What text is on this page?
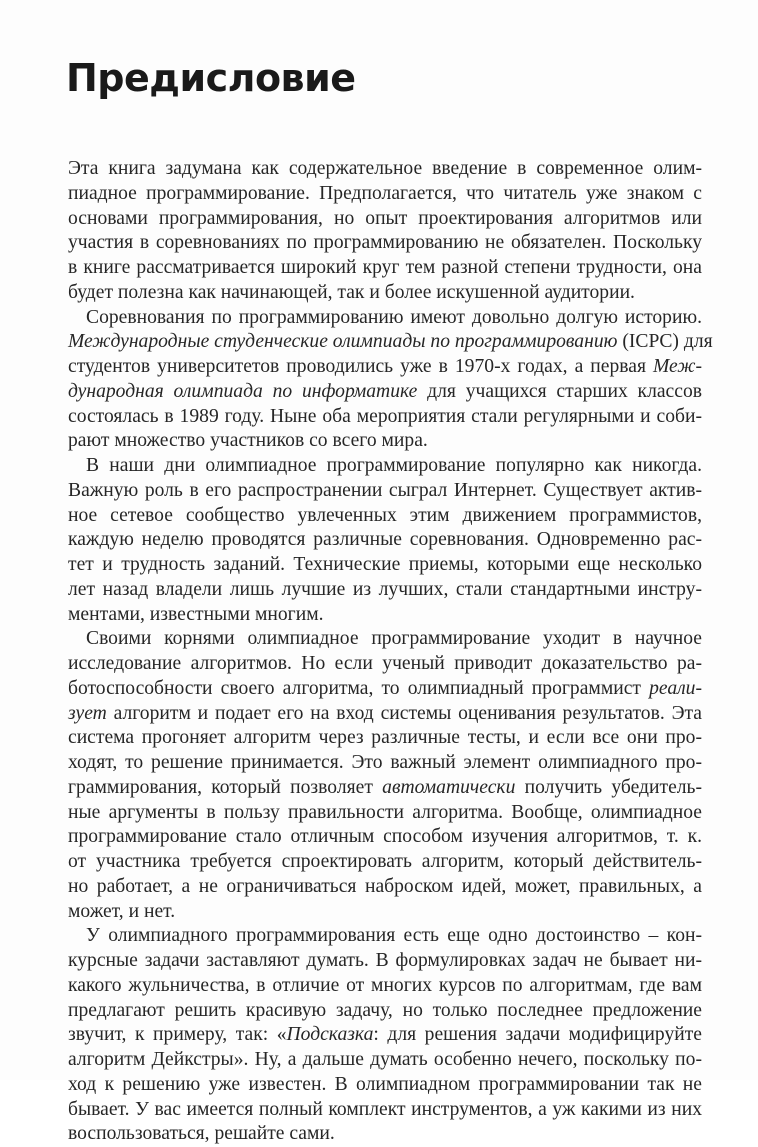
Предисловие
Эта книга задумана как содержательное введение в современное олим-
пиадное программирование. Предполагается, что читатель уже знаком с
основами программирования, но опыт проектирования алгоритмов или
участия в соревнованиях по программированию не обязателен. Поскольку
в книге рассматривается широкий круг тем разной степени трудности, она
будет полезна как начинающей, так и более искушенной аудитории.
Соревнования по программированию имеют довольно долгую историю.
Международные студенческие олимпиады по программированию (ICPC) для
студентов университетов проводились уже в 1970-х годах, а первая Меж-
дународная олимпиада по информатике для учащихся старших классов
состоялась в 1989 году. Ныне оба мероприятия стали регулярными и соби-
рают множество участников со всего мира.
В наши дни олимпиадное программирование популярно как никогда.
Важную роль в его распространении сыграл Интернет. Существует актив-
ное сетевое сообщество увлеченных этим движением программистов,
каждую неделю проводятся различные соревнования. Одновременно рас-
тет и трудность заданий. Технические приемы, которыми еще несколько
лет назад владели лишь лучшие из лучших, стали стандартными инстру-
ментами, известными многим.
Своими корнями олимпиадное программирование уходит в научное
исследование алгоритмов. Но если ученый приводит доказательство ра-
ботоспособности своего алгоритма, то олимпиадный программист реали-
зует алгоритм и подает его на вход системы оценивания результатов. Эта
система прогоняет алгоритм через различные тесты, и если все они про-
ходят, то решение принимается. Это важный элемент олимпиадного про-
граммирования, который позволяет автоматически получить убедитель-
ные аргументы в пользу правильности алгоритма. Вообще, олимпиадное
программирование стало отличным способом изучения алгоритмов, т. к.
от участника требуется спроектировать алгоритм, который действитель-
но работает, а не ограничиваться наброском идей, может, правильных, а
может, и нет.
У олимпиадного программирования есть еще одно достоинство – кон-
курсные задачи заставляют думать. В формулировках задач не бывает ни-
какого жульничества, в отличие от многих курсов по алгоритмам, где вам
предлагают решить красивую задачу, но только последнее предложение
звучит, к примеру, так: «Подсказка: для решения задачи модифицируйте
алгоритм Дейкстры». Ну, а дальше думать особенно нечего, поскольку по-
ход к решению уже известен. В олимпиадном программировании так не
бывает. У вас имеется полный комплект инструментов, а уж какими из них
воспользоваться, решайте сами.
